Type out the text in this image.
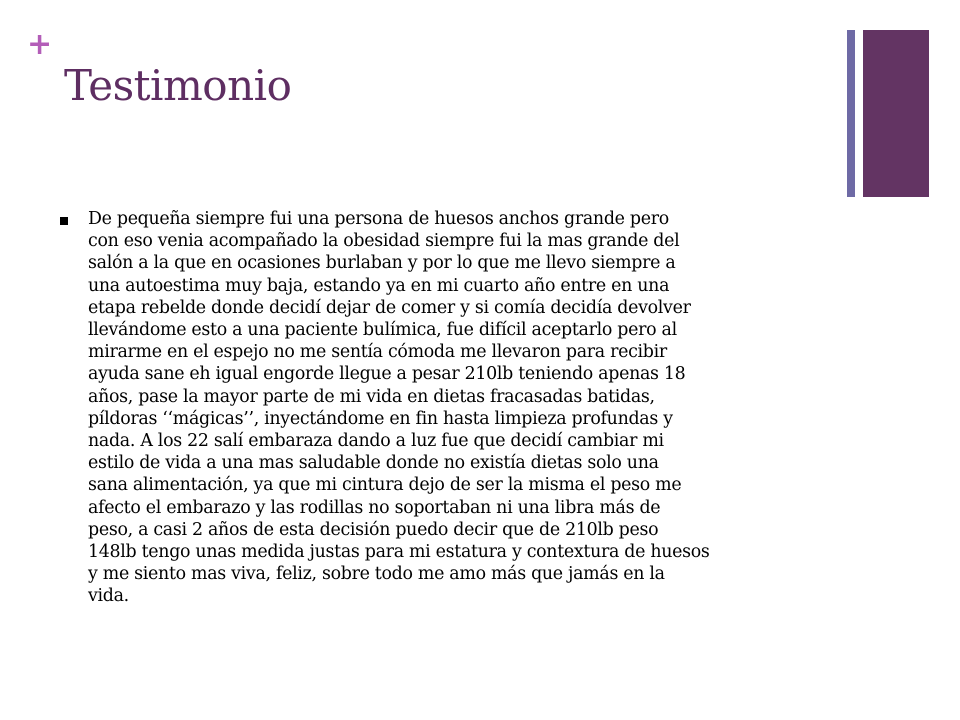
+
Testimonio
De pequeña siempre fui una persona de huesos anchos grande pero
con eso venia acompañado la obesidad siempre fui la mas grande del
salón a la que en ocasiones burlaban y por lo que me llevo siempre a
una autoestima muy baja, estando ya en mi cuarto año entre en una
etapa rebelde donde decidí dejar de comer y si comía decidía devolver
llevándome esto a una paciente bulímica, fue difícil aceptarlo pero al
mirarme en el espejo no me sentía cómoda me llevaron para recibir
ayuda sane eh igual engorde llegue a pesar 210lb teniendo apenas 18
años, pase la mayor parte de mi vida en dietas fracasadas batidas,
píldoras ‘‘mágicas’’, inyectándome en fin hasta limpieza profundas y
nada. A los 22 salí embaraza dando a luz fue que decidí cambiar mi
estilo de vida a una mas saludable donde no existía dietas solo una
sana alimentación, ya que mi cintura dejo de ser la misma el peso me
afecto el embarazo y las rodillas no soportaban ni una libra más de
peso, a casi 2 años de esta decisión puedo decir que de 210lb peso
148lb tengo unas medida justas para mi estatura y contextura de huesos
y me siento mas viva, feliz, sobre todo me amo más que jamás en la
vida.
